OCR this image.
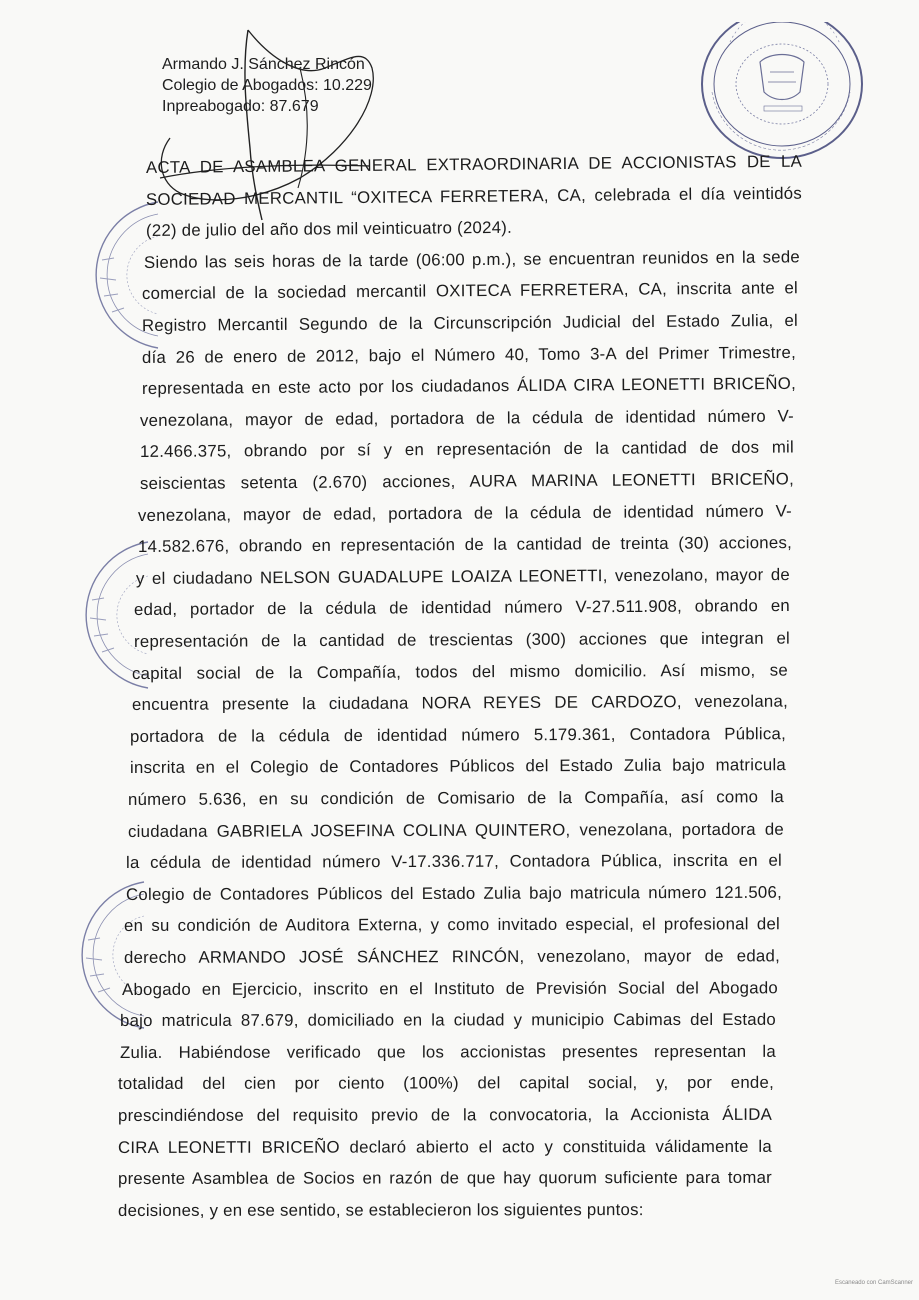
Armando J. Sánchez Rincón
Colegio de Abogados: 10.229
Inpreabogado: 87.679
ACTA DE ASAMBLEA GENERAL EXTRAORDINARIA DE ACCIONISTAS DE LA
SOCIEDAD MERCANTIL “OXITECA FERRETERA, CA, celebrada el día veintidós
(22) de julio del año dos mil veinticuatro (2024).
Siendo las seis horas de la tarde (06:00 p.m.), se encuentran reunidos en la sede
comercial de la sociedad mercantil OXITECA FERRETERA, CA, inscrita ante el
Registro Mercantil Segundo de la Circunscripción Judicial del Estado Zulia, el
día 26 de enero de 2012, bajo el Número 40, Tomo 3-A del Primer Trimestre,
representada en este acto por los ciudadanos ÁLIDA CIRA LEONETTI BRICEÑO,
venezolana, mayor de edad, portadora de la cédula de identidad número V-
12.466.375, obrando por sí y en representación de la cantidad de dos mil
seiscientas setenta (2.670) acciones, AURA MARINA LEONETTI BRICEÑO,
venezolana, mayor de edad, portadora de la cédula de identidad número V-
14.582.676, obrando en representación de la cantidad de treinta (30) acciones,
y el ciudadano NELSON GUADALUPE LOAIZA LEONETTI, venezolano, mayor de
edad, portador de la cédula de identidad número V-27.511.908, obrando en
representación de la cantidad de trescientas (300) acciones que integran el
capital social de la Compañía, todos del mismo domicilio. Así mismo, se
encuentra presente la ciudadana NORA REYES DE CARDOZO, venezolana,
portadora de la cédula de identidad número 5.179.361, Contadora Pública,
inscrita en el Colegio de Contadores Públicos del Estado Zulia bajo matricula
número 5.636, en su condición de Comisario de la Compañía, así como la
ciudadana GABRIELA JOSEFINA COLINA QUINTERO, venezolana, portadora de
la cédula de identidad número V-17.336.717, Contadora Pública, inscrita en el
Colegio de Contadores Públicos del Estado Zulia bajo matricula número 121.506,
en su condición de Auditora Externa, y como invitado especial, el profesional del
derecho ARMANDO JOSÉ SÁNCHEZ RINCÓN, venezolano, mayor de edad,
Abogado en Ejercicio, inscrito en el Instituto de Previsión Social del Abogado
bajo matricula 87.679, domiciliado en la ciudad y municipio Cabimas del Estado
Zulia. Habiéndose verificado que los accionistas presentes representan la
totalidad del cien por ciento (100%) del capital social, y, por ende,
prescindiéndose del requisito previo de la convocatoria, la Accionista ÁLIDA
CIRA LEONETTI BRICEÑO declaró abierto el acto y constituida válidamente la
presente Asamblea de Socios en razón de que hay quorum suficiente para tomar
decisiones, y en ese sentido, se establecieron los siguientes puntos:
Escaneado con CamScanner
